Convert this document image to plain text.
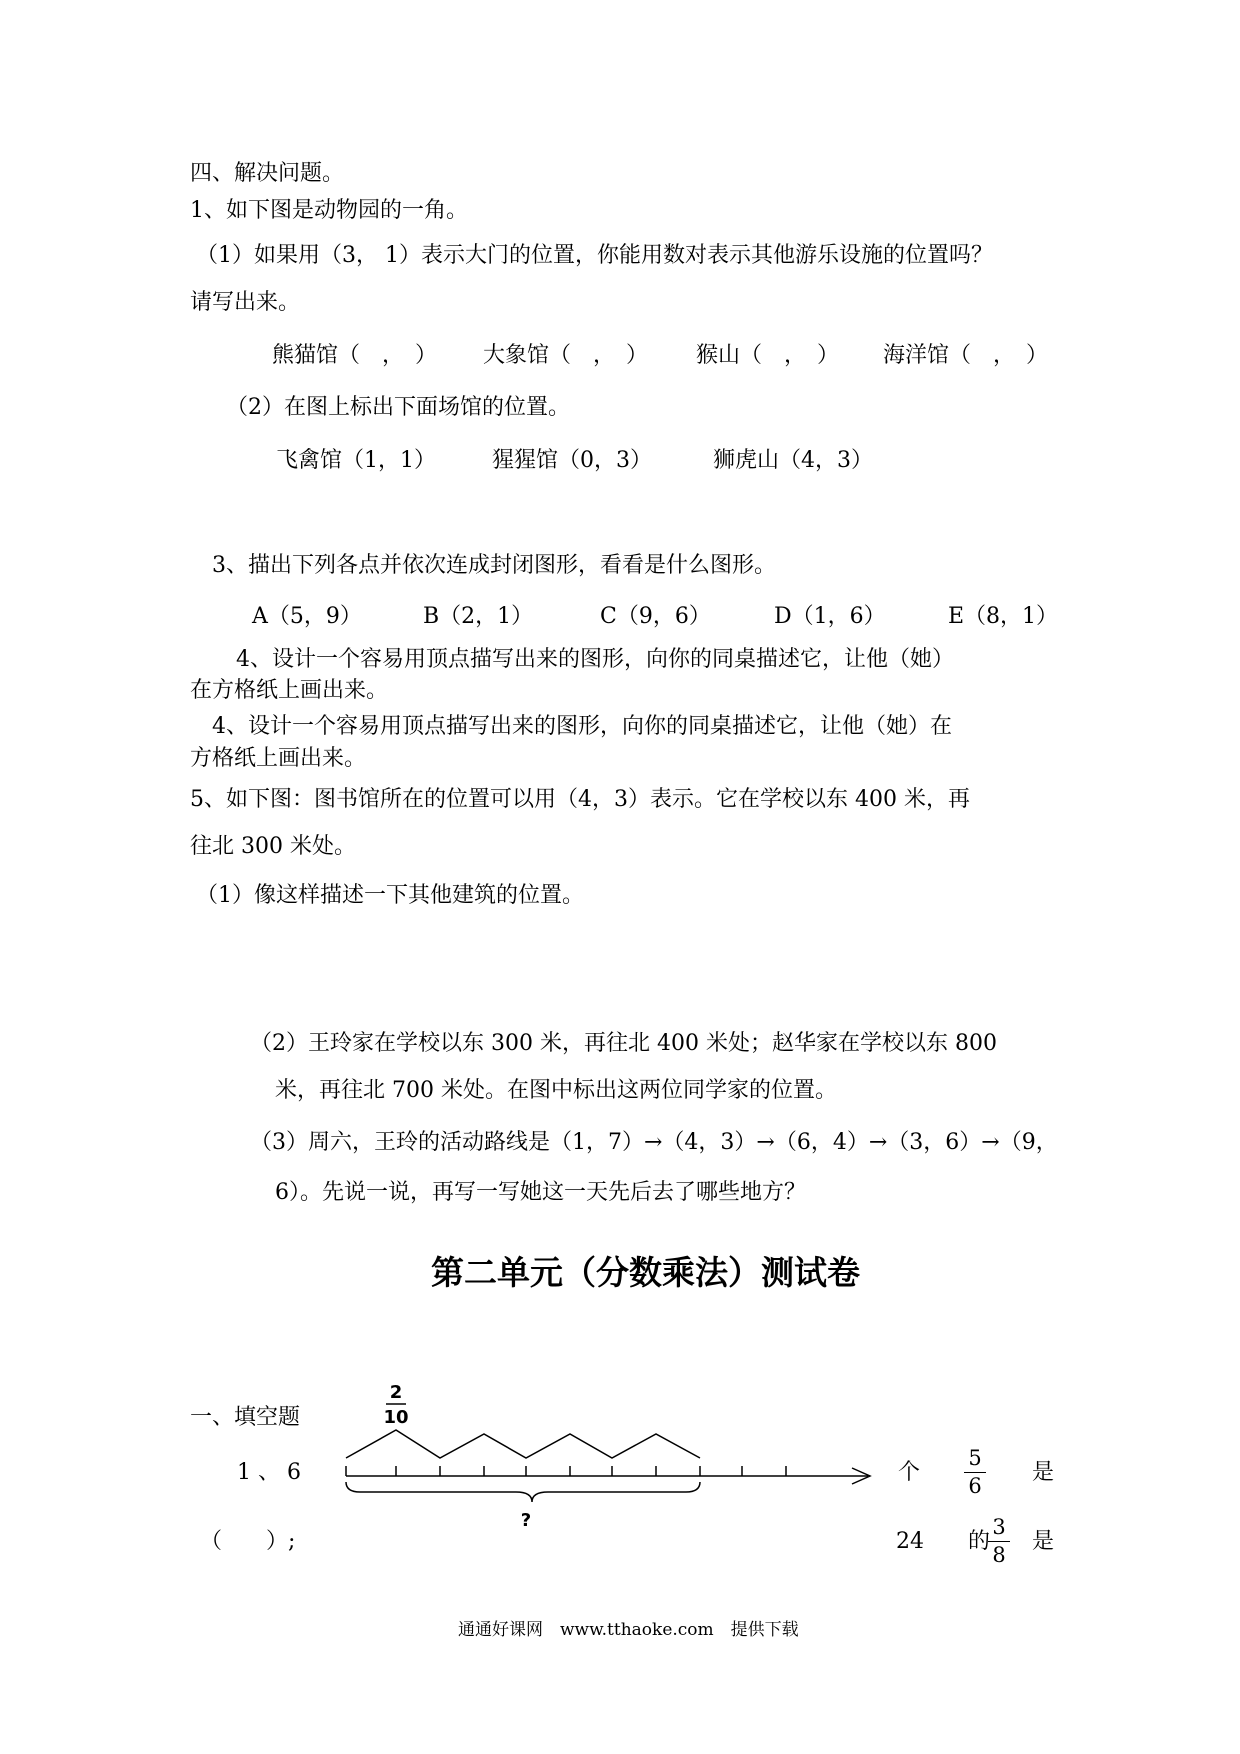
四、解决问题。
1、如下图是动物园的一角。
（1）如果用（3， 1）表示大门的位置，你能用数对表示其他游乐设施的位置吗？
请写出来。
熊猫馆（　，　） 大象馆（　，　） 猴山（　，　） 海洋馆（　，　）
（2）在图上标出下面场馆的位置。
飞禽馆（1，1）	猩猩馆（0，3）	狮虎山（4，3）
3、描出下列各点并依次连成封闭图形，看看是什么图形。
A（5，9）	B（2，1）	C（9，6）	D（1，6）	E（8，1）
4、设计一个容易用顶点描写出来的图形，向你的同桌描述它，让他（她）
在方格纸上画出来。
4、设计一个容易用顶点描写出来的图形，向你的同桌描述它，让他（她）在
方格纸上画出来。
5、如下图：图书馆所在的位置可以用（4，3）表示。它在学校以东 400 米，再
往北 300 米处。
（1）像这样描述一下其他建筑的位置。
（2）王玲家在学校以东 300 米，再往北 400 米处；赵华家在学校以东 800
米，再往北 700 米处。在图中标出这两位同学家的位置。
（3）周六，王玲的活动路线是（1，7）→（4，3）→（6，4）→（3，6）→（9，
6）。先说一说，再写一写她这一天先后去了哪些地方？
第二单元（分数乘法）测试卷
一、填空题
2
10
?
1 、 6	个
5
6
是
（　　）;	24　　的
3
8
是
通通好课网　www.tthaoke.com　提供下载
